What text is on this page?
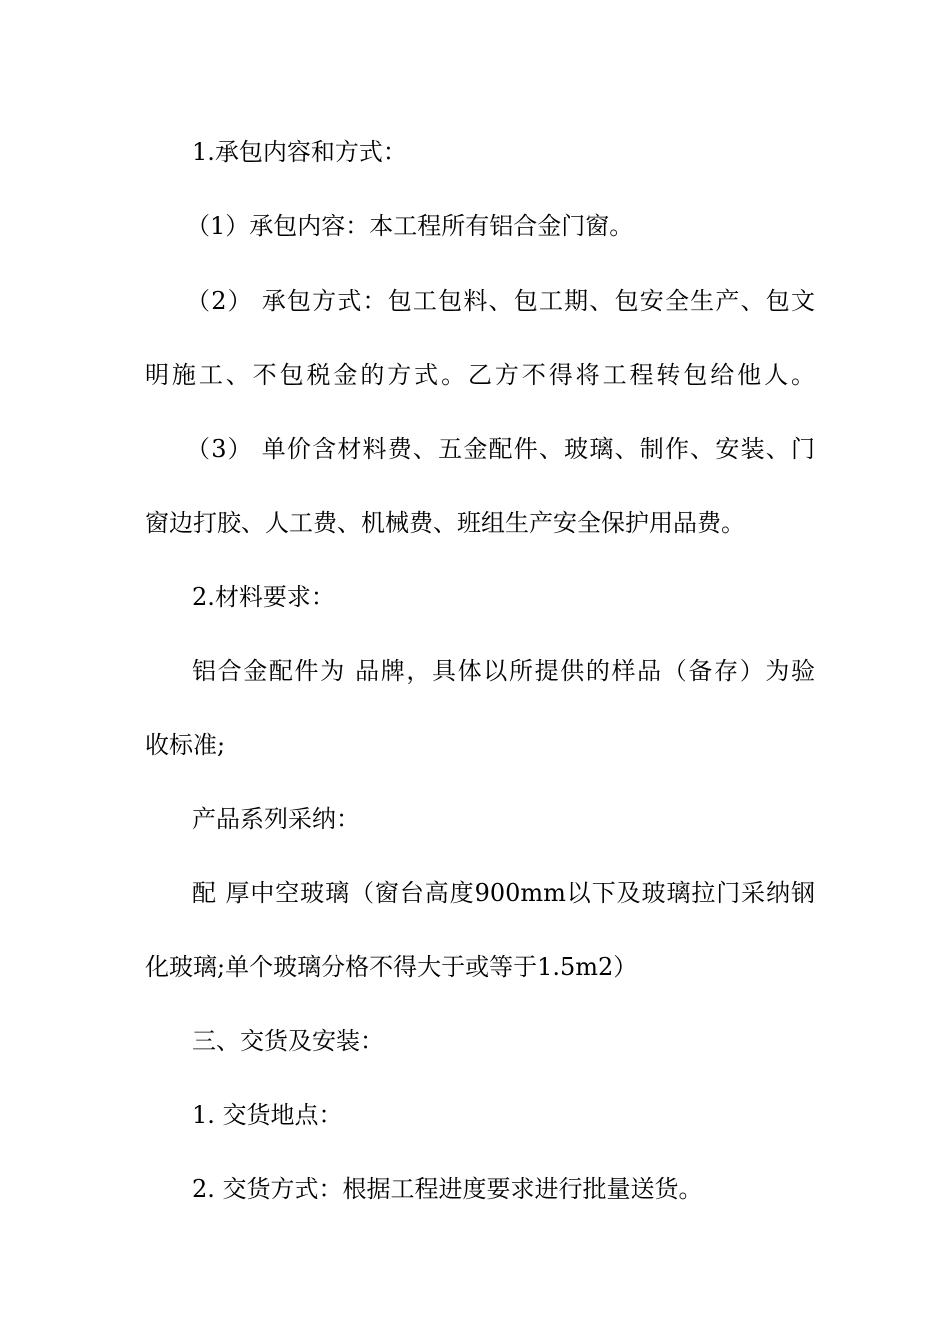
1.承包内容和方式：
（1）承包内容：本工程所有铝合金门窗。
（2） 承包方式：包工包料、包工期、包安全生产、包文
明施工、不包税金的方式。乙方不得将工程转包给他人。
（3） 单价含材料费、五金配件、玻璃、制作、安装、门
窗边打胶、人工费、机械费、班组生产安全保护用品费。
2.材料要求：
铝合金配件为 品牌，具体以所提供的样品（备存）为验
收标准;
产品系列采纳：
配 厚中空玻璃（窗台高度900mm以下及玻璃拉门采纳钢
化玻璃;单个玻璃分格不得大于或等于1.5m2）
三、交货及安装：
1. 交货地点：
2. 交货方式：根据工程进度要求进行批量送货。
